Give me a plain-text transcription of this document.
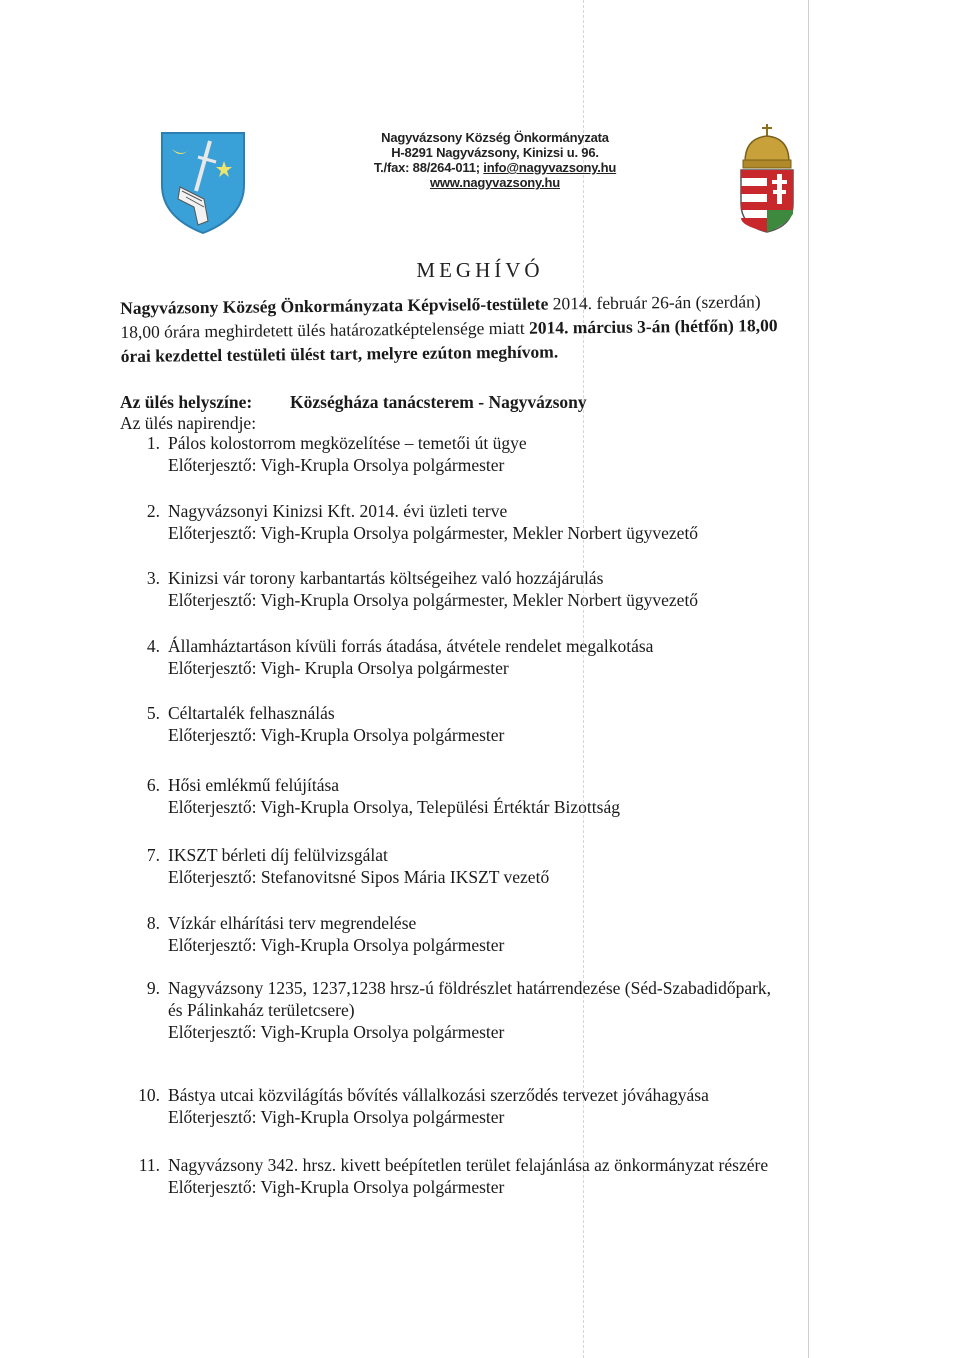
Nagyvázsony Község Önkormányzata
H-8291 Nagyvázsony, Kinizsi u. 96.
T./fax: 88/264-011; info@nagyvazsony.hu
www.nagyvazsony.hu
MEGHÍVÓ
Nagyvázsony Község Önkormányzata Képviselő-testülete 2014. február 26-án (szerdán)
18,00 órára meghirdetett ülés határozatképtelensége miatt 2014. március 3-án (hétfőn) 18,00
órai kezdettel testületi ülést tart, melyre ezúton meghívom.
Az ülés helyszíne: Községháza tanácsterem - Nagyvázsony
Az ülés napirendje:
1. Pálos kolostorrom megközelítése – temetői út ügye
Előterjesztő: Vigh-Krupla Orsolya polgármester
2. Nagyvázsonyi Kinizsi Kft. 2014. évi üzleti terve
Előterjesztő: Vigh-Krupla Orsolya polgármester, Mekler Norbert ügyvezető
3. Kinizsi vár torony karbantartás költségeihez való hozzájárulás
Előterjesztő: Vigh-Krupla Orsolya polgármester, Mekler Norbert ügyvezető
4. Államháztartáson kívüli forrás átadása, átvétele rendelet megalkotása
Előterjesztő: Vigh- Krupla Orsolya polgármester
5. Céltartalék felhasználás
Előterjesztő: Vigh-Krupla Orsolya polgármester
6. Hősi emlékmű felújítása
Előterjesztő: Vigh-Krupla Orsolya, Települési Értéktár Bizottság
7. IKSZT bérleti díj felülvizsgálat
Előterjesztő: Stefanovitsné Sipos Mária IKSZT vezető
8. Vízkár elhárítási terv megrendelése
Előterjesztő: Vigh-Krupla Orsolya polgármester
9. Nagyvázsony 1235, 1237,1238 hrsz-ú földrészlet határrendezése (Séd-Szabadidőpark,
és Pálinkaház területcsere)
Előterjesztő: Vigh-Krupla Orsolya polgármester
10. Bástya utcai közvilágítás bővítés vállalkozási szerződés tervezet jóváhagyása
Előterjesztő: Vigh-Krupla Orsolya polgármester
11. Nagyvázsony 342. hrsz. kivett beépítetlen terület felajánlása az önkormányzat részére
Előterjesztő: Vigh-Krupla Orsolya polgármester
